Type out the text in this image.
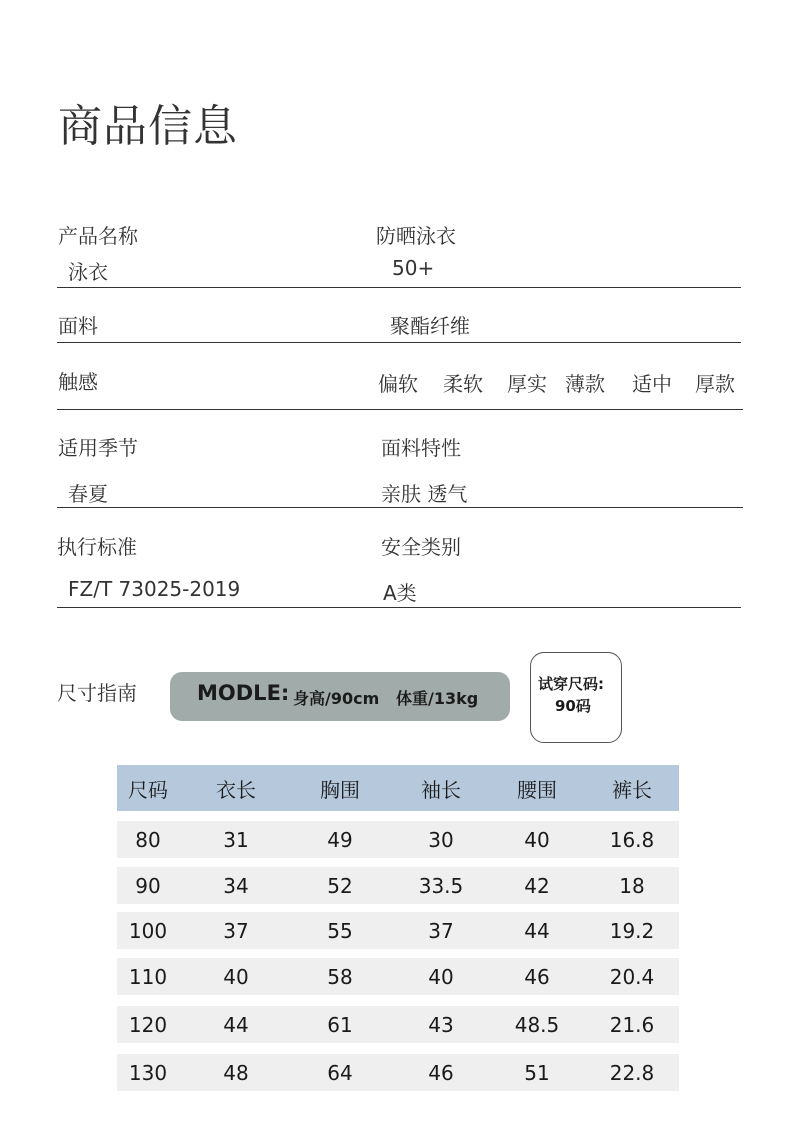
商品信息
产品名称	防晒泳衣
泳衣	50+
面料	聚酯纤维
触感	偏软 柔软 厚实 薄款 适中 厚款
适用季节	面料特性
春夏	亲肤 透气
执行标准	安全类别
FZ/T 73025-2019	A类
尺寸指南	MODLE: 身高/90cm 体重/13kg
试穿尺码:
90码
尺码	衣长	胸围	袖长	腰围	裤长
80	31	49	30	40	16.8
90	34	52	33.5	42	18
100	37	55	37	44	19.2
110	40	58	40	46	20.4
120	44	61	43	48.5	21.6
130	48	64	46	51	22.8
